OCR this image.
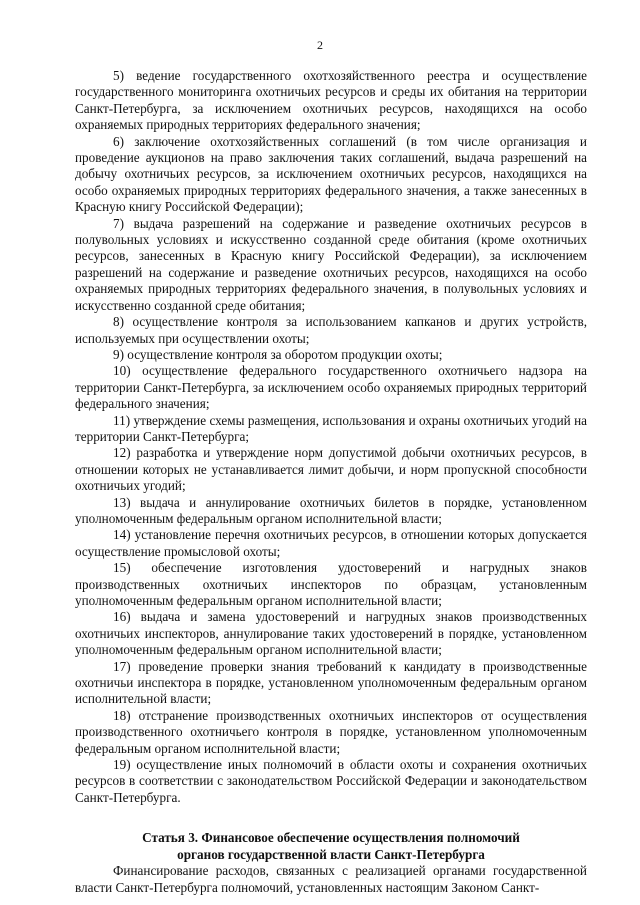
2

5) ведение государственного охотхозяйственного реестра и осуществление государственного мониторинга охотничьих ресурсов и среды их обитания на территории Санкт-Петербурга, за исключением охотничьих ресурсов, находящихся на особо охраняемых природных территориях федерального значения;

6) заключение охотхозяйственных соглашений (в том числе организация и проведение аукционов на право заключения таких соглашений, выдача разрешений на добычу охотничьих ресурсов, за исключением охотничьих ресурсов, находящихся на особо охраняемых природных территориях федерального значения, а также занесенных в Красную книгу Российской Федерации);

7) выдача разрешений на содержание и разведение охотничьих ресурсов в полувольных условиях и искусственно созданной среде обитания (кроме охотничьих ресурсов, занесенных в Красную книгу Российской Федерации), за исключением разрешений на содержание и разведение охотничьих ресурсов, находящихся на особо охраняемых природных территориях федерального значения, в полувольных условиях и искусственно созданной среде обитания;

8) осуществление контроля за использованием капканов и других устройств, используемых при осуществлении охоты;

9) осуществление контроля за оборотом продукции охоты;

10) осуществление федерального государственного охотничьего надзора на территории Санкт-Петербурга, за исключением особо охраняемых природных территорий федерального значения;

11) утверждение схемы размещения, использования и охраны охотничьих угодий на территории Санкт-Петербурга;

12) разработка и утверждение норм допустимой добычи охотничьих ресурсов, в отношении которых не устанавливается лимит добычи, и норм пропускной способности охотничьих угодий;

13) выдача и аннулирование охотничьих билетов в порядке, установленном уполномоченным федеральным органом исполнительной власти;

14) установление перечня охотничьих ресурсов, в отношении которых допускается осуществление промысловой охоты;

15) обеспечение изготовления удостоверений и нагрудных знаков производственных охотничьих инспекторов по образцам, установленным уполномоченным федеральным органом исполнительной власти;

16) выдача и замена удостоверений и нагрудных знаков производственных охотничьих инспекторов, аннулирование таких удостоверений в порядке, установленном уполномоченным федеральным органом исполнительной власти;

17) проведение проверки знания требований к кандидату в производственные охотничьи инспектора в порядке, установленном уполномоченным федеральным органом исполнительной власти;

18) отстранение производственных охотничьих инспекторов от осуществления производственного охотничьего контроля в порядке, установленном уполномоченным федеральным органом исполнительной власти;

19) осуществление иных полномочий в области охоты и сохранения охотничьих ресурсов в соответствии с законодательством Российской Федерации и законодательством Санкт-Петербурга.

Статья 3. Финансовое обеспечение осуществления полномочий
органов государственной власти Санкт-Петербурга

Финансирование расходов, связанных с реализацией органами государственной власти Санкт-Петербурга полномочий, установленных настоящим Законом Санкт-
